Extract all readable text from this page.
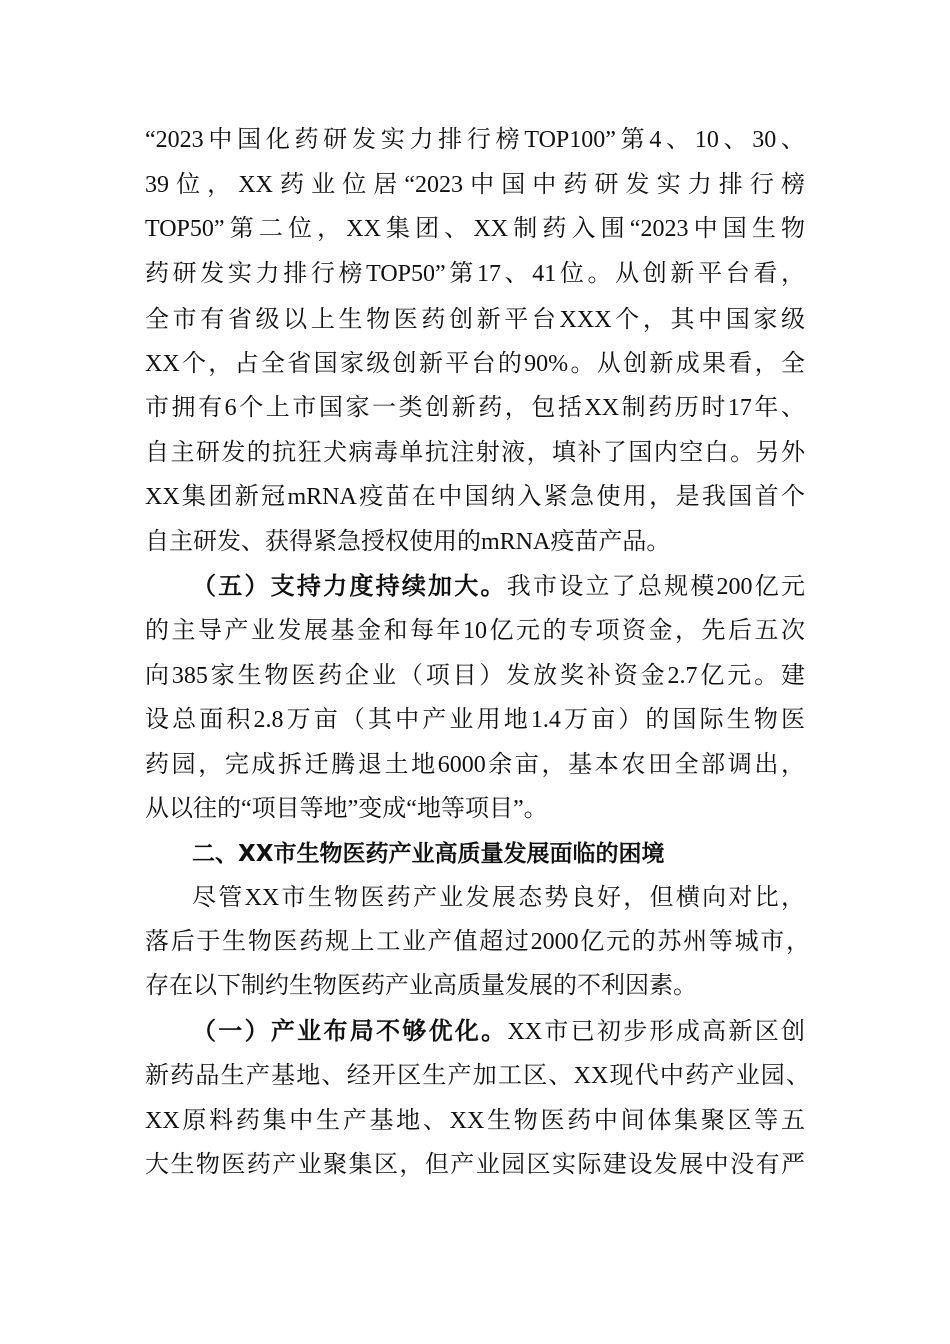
“2023中国化药研发实力排行榜TOP100”第4、10、30、
39位，XX药业位居“2023中国中药研发实力排行榜
TOP50”第二位，XX集团、XX制药入围“2023中国生物
药研发实力排行榜TOP50”第17、41位。从创新平台看，
全市有省级以上生物医药创新平台XXX个，其中国家级
XX个，占全省国家级创新平台的90%。从创新成果看，全
市拥有6个上市国家一类创新药，包括XX制药历时17年、
自主研发的抗狂犬病毒单抗注射液，填补了国内空白。另外
XX集团新冠mRNA疫苗在中国纳入紧急使用，是我国首个
自主研发、获得紧急授权使用的mRNA疫苗产品。
（五）支持力度持续加大。我市设立了总规模200亿元
的主导产业发展基金和每年10亿元的专项资金，先后五次
向385家生物医药企业（项目）发放奖补资金2.7亿元。建
设总面积2.8万亩（其中产业用地1.4万亩）的国际生物医
药园，完成拆迁腾退土地6000余亩，基本农田全部调出，
从以往的“项目等地”变成“地等项目”。
二、XX市生物医药产业高质量发展面临的困境
尽管XX市生物医药产业发展态势良好，但横向对比，
落后于生物医药规上工业产值超过2000亿元的苏州等城市，
存在以下制约生物医药产业高质量发展的不利因素。
（一）产业布局不够优化。XX市已初步形成高新区创
新药品生产基地、经开区生产加工区、XX现代中药产业园、
XX原料药集中生产基地、XX生物医药中间体集聚区等五
大生物医药产业聚集区，但产业园区实际建设发展中没有严
